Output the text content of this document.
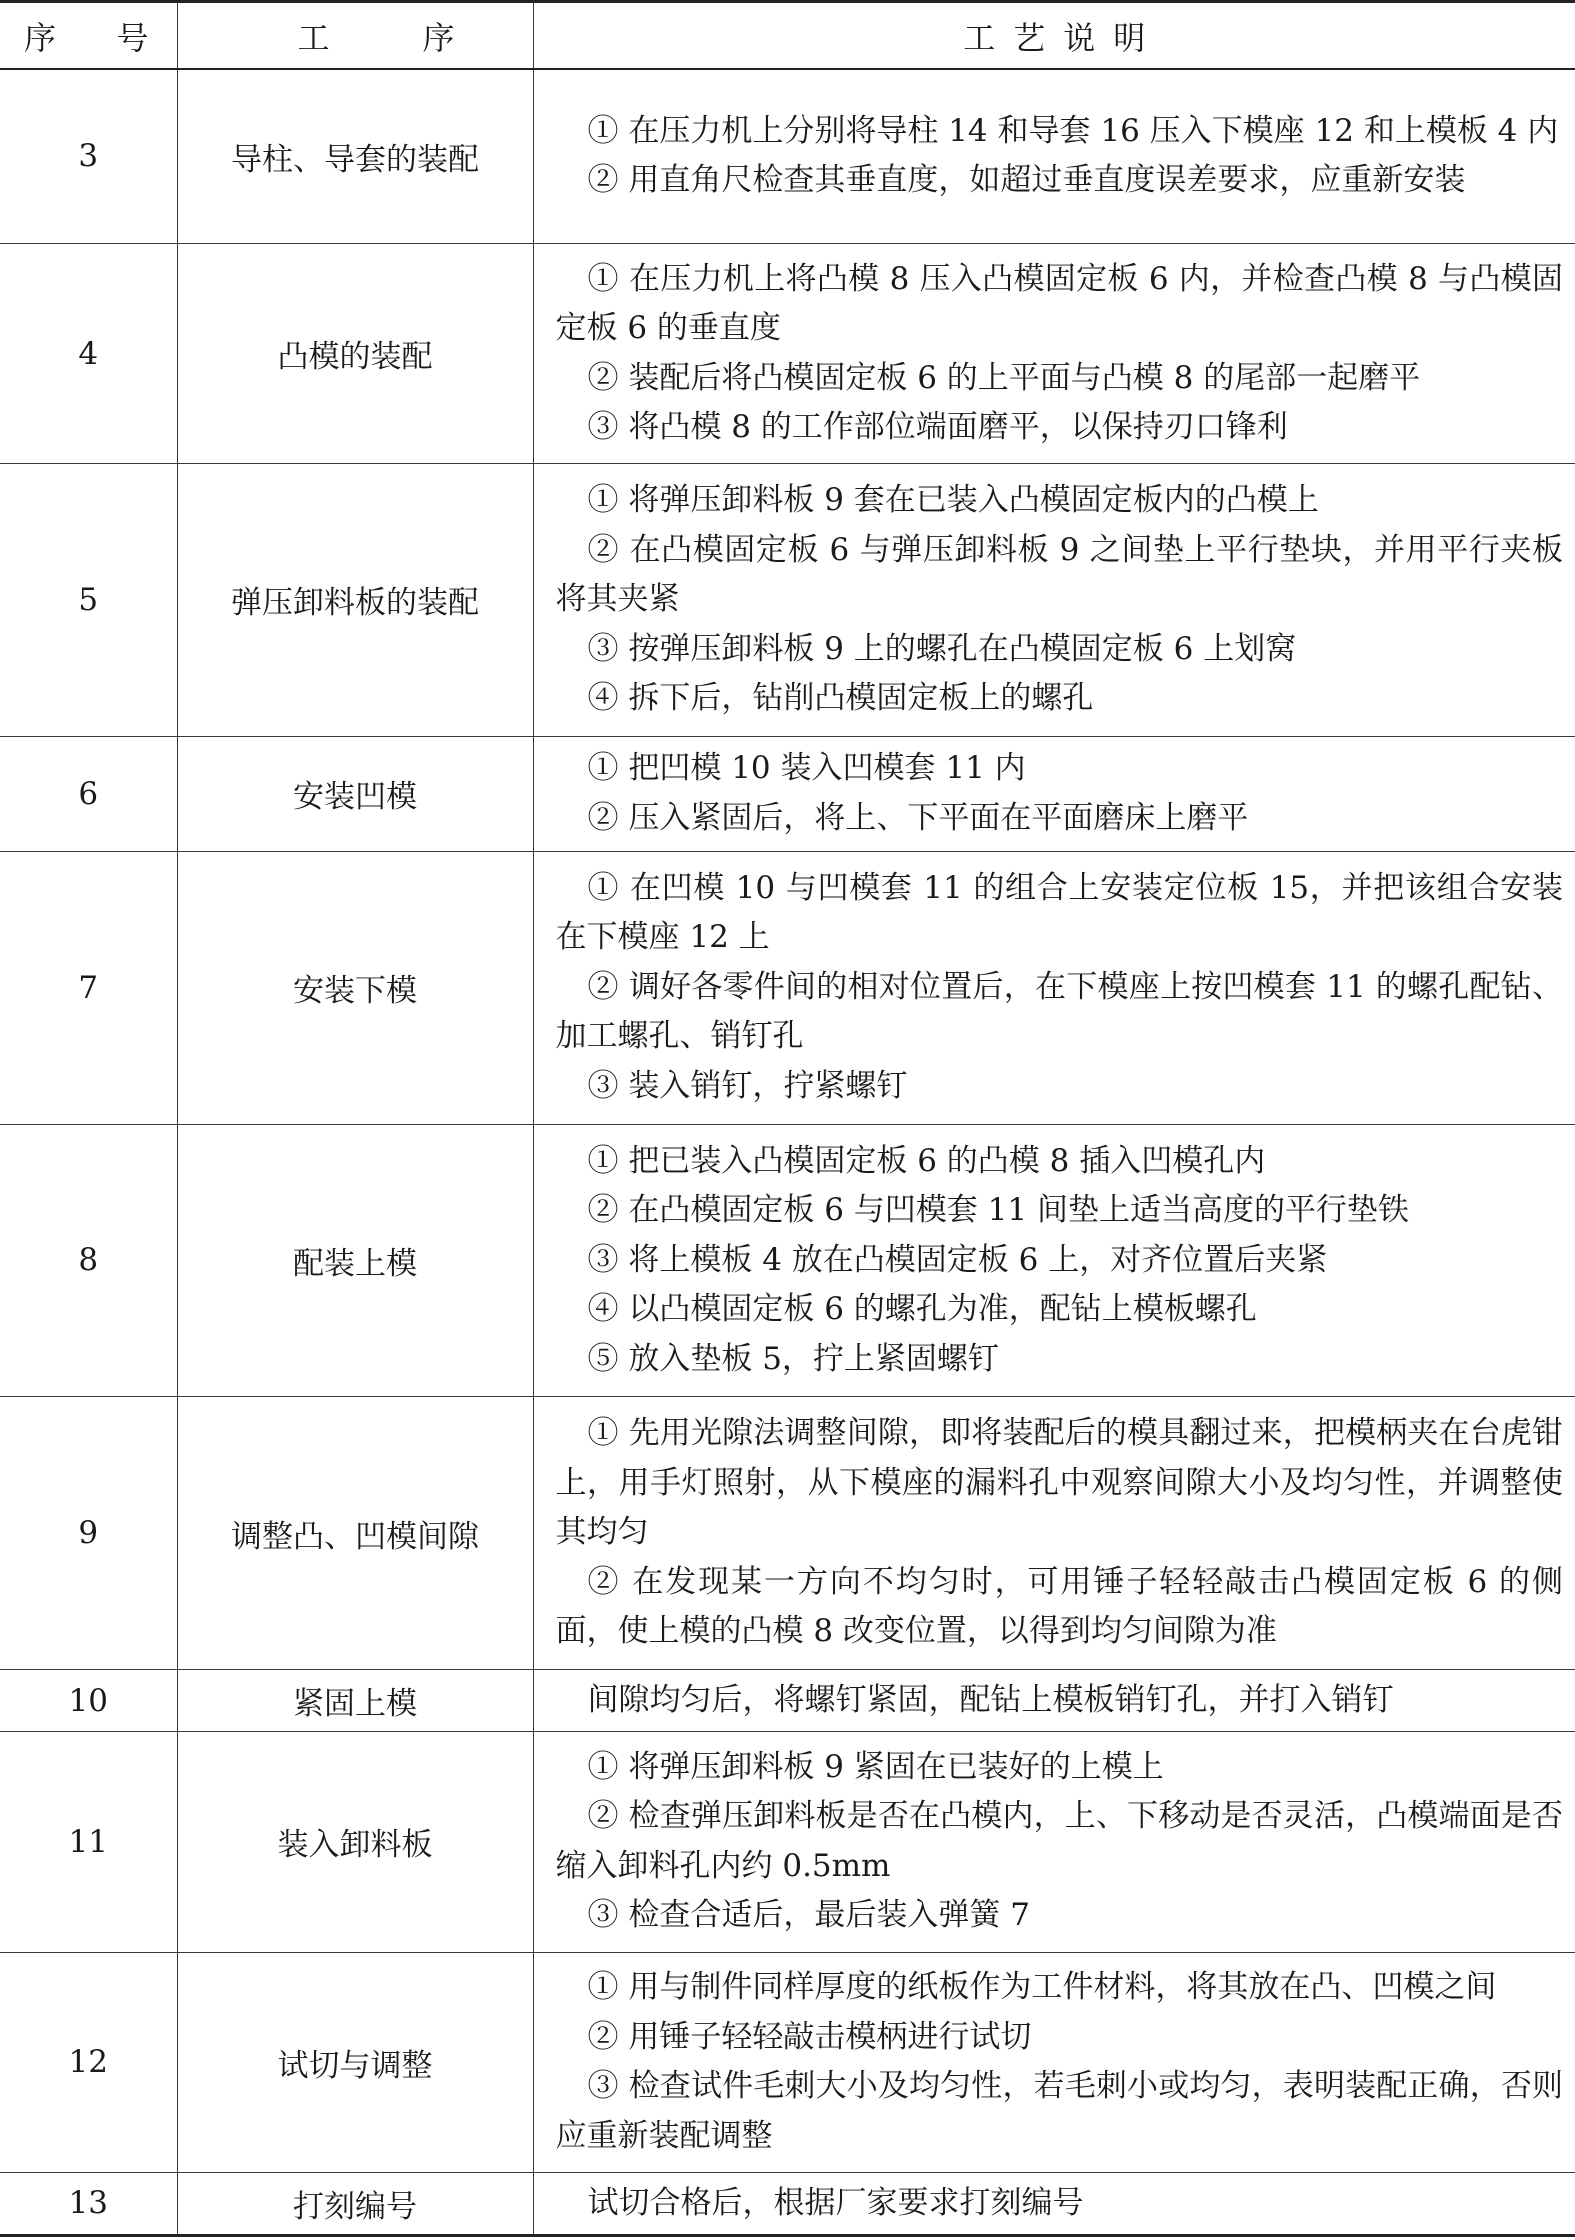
序 号	工 序	工艺说明

3	导柱、导套的装配	① 在压力机上分别将导柱 14 和导套 16 压入下模座 12 和上模板 4 内
② 用直角尺检查其垂直度，如超过垂直度误差要求，应重新安装

4	凸模的装配	① 在压力机上将凸模 8 压入凸模固定板 6 内，并检查凸模 8 与凸模固定板 6 的垂直度
② 装配后将凸模固定板 6 的上平面与凸模 8 的尾部一起磨平
③ 将凸模 8 的工作部位端面磨平，以保持刃口锋利

5	弹压卸料板的装配	① 将弹压卸料板 9 套在已装入凸模固定板内的凸模上
② 在凸模固定板 6 与弹压卸料板 9 之间垫上平行垫块，并用平行夹板将其夹紧
③ 按弹压卸料板 9 上的螺孔在凸模固定板 6 上划窝
④ 拆下后，钻削凸模固定板上的螺孔

6	安装凹模	① 把凹模 10 装入凹模套 11 内
② 压入紧固后，将上、下平面在平面磨床上磨平

7	安装下模	① 在凹模 10 与凹模套 11 的组合上安装定位板 15，并把该组合安装在下模座 12 上
② 调好各零件间的相对位置后，在下模座上按凹模套 11 的螺孔配钻、加工螺孔、销钉孔
③ 装入销钉，拧紧螺钉

8	配装上模	① 把已装入凸模固定板 6 的凸模 8 插入凹模孔内
② 在凸模固定板 6 与凹模套 11 间垫上适当高度的平行垫铁
③ 将上模板 4 放在凸模固定板 6 上，对齐位置后夹紧
④ 以凸模固定板 6 的螺孔为准，配钻上模板螺孔
⑤ 放入垫板 5，拧上紧固螺钉

9	调整凸、凹模间隙	① 先用光隙法调整间隙，即将装配后的模具翻过来，把模柄夹在台虎钳上，用手灯照射，从下模座的漏料孔中观察间隙大小及均匀性，并调整使其均匀
② 在发现某一方向不均匀时，可用锤子轻轻敲击凸模固定板 6 的侧面，使上模的凸模 8 改变位置，以得到均匀间隙为准

10	紧固上模	间隙均匀后，将螺钉紧固，配钻上模板销钉孔，并打入销钉

11	装入卸料板	① 将弹压卸料板 9 紧固在已装好的上模上
② 检查弹压卸料板是否在凸模内，上、下移动是否灵活，凸模端面是否缩入卸料孔内约 0.5mm
③ 检查合适后，最后装入弹簧 7

12	试切与调整	① 用与制件同样厚度的纸板作为工件材料，将其放在凸、凹模之间
② 用锤子轻轻敲击模柄进行试切
③ 检查试件毛刺大小及均匀性，若毛刺小或均匀，表明装配正确，否则应重新装配调整

13	打刻编号	试切合格后，根据厂家要求打刻编号
